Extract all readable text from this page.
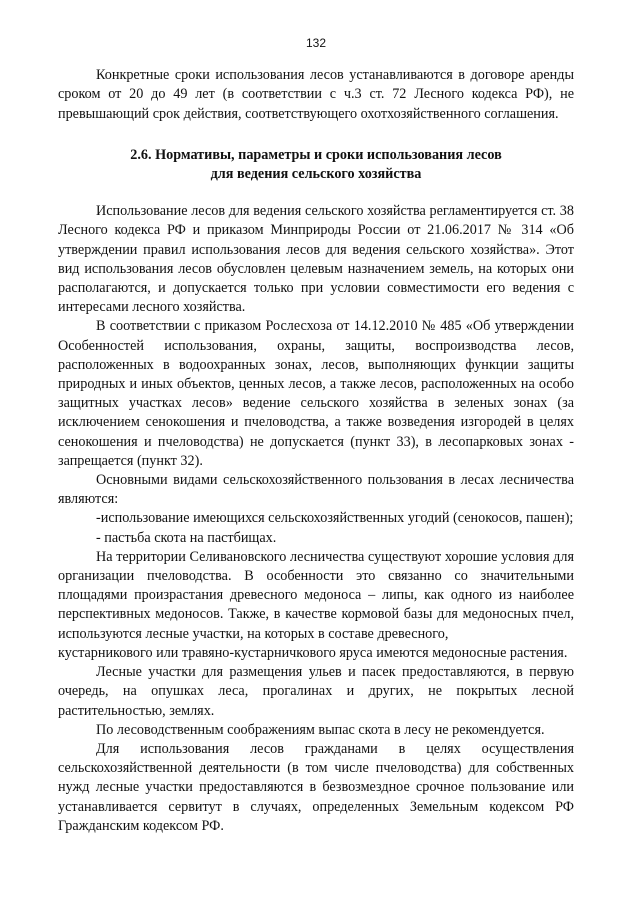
132

Конкретные сроки использования лесов устанавливаются в договоре аренды сроком от 20 до 49 лет (в соответствии с ч.3 ст. 72 Лесного кодекса РФ), не превышающий срок действия, соответствующего охотхозяйственного соглашения.

2.6. Нормативы, параметры и сроки использования лесов
для ведения сельского хозяйства

Использование лесов для ведения сельского хозяйства регламентируется ст. 38 Лесного кодекса РФ и приказом Минприроды России от 21.06.2017 № 314 «Об утверждении правил использования лесов для ведения сельского хозяйства». Этот вид использования лесов обусловлен целевым назначением земель, на которых они располагаются, и допускается только при условии совместимости его ведения с интересами лесного хозяйства.

В соответствии с приказом Рослесхоза от 14.12.2010 № 485 «Об утверждении Особенностей использования, охраны, защиты, воспроизводства лесов, расположенных в водоохранных зонах, лесов, выполняющих функции защиты природных и иных объектов, ценных лесов, а также лесов, расположенных на особо защитных участках лесов» ведение сельского хозяйства в зеленых зонах (за исключением сенокошения и пчеловодства, а также возведения изгородей в целях сенокошения и пчеловодства) не допускается (пункт 33), в лесопарковых зонах - запрещается (пункт 32).

Основными видами сельскохозяйственного пользования в лесах лесничества являются:

-использование имеющихся сельскохозяйственных угодий (сенокосов, пашен);

- пастьба скота на пастбищах.

На территории Селивановского лесничества существуют хорошие условия для организации пчеловодства. В особенности это связанно со значительными площадями произрастания древесного медоноса – липы, как одного из наиболее перспективных медоносов. Также, в качестве кормовой базы для медоносных пчел, используются лесные участки, на которых в составе древесного,

кустарникового или травяно-кустарничкового яруса имеются медоносные растения.

Лесные участки для размещения ульев и пасек предоставляются, в первую очередь, на опушках леса, прогалинах и других, не покрытых лесной растительностью, землях.

По лесоводственным соображениям выпас скота в лесу не рекомендуется.

Для использования лесов гражданами в целях осуществления сельскохозяйственной деятельности (в том числе пчеловодства) для собственных нужд лесные участки предоставляются в безвозмездное срочное пользование или устанавливается сервитут в случаях, определенных Земельным кодексом РФ Гражданским кодексом РФ.
